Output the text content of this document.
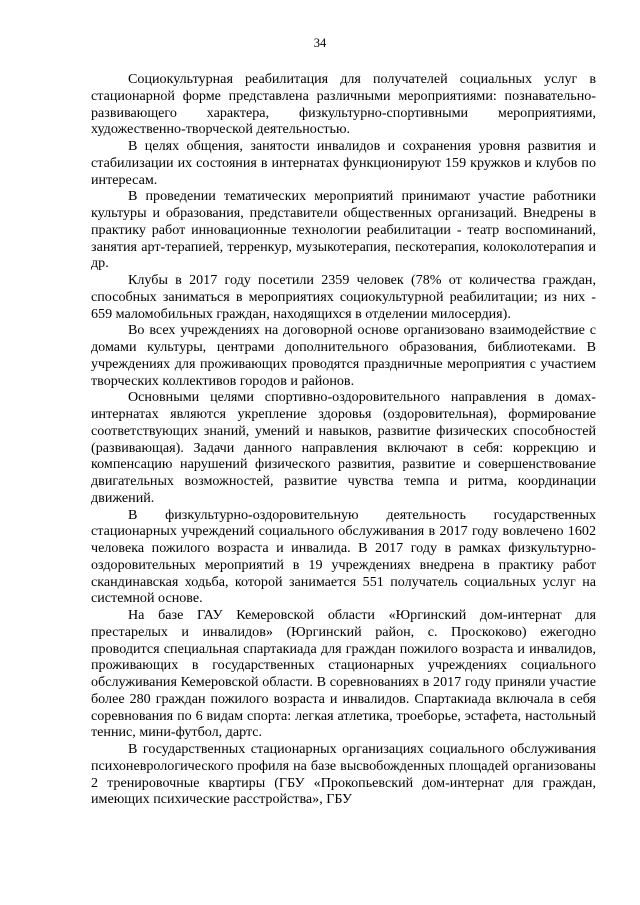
34

Социокультурная реабилитация для получателей социальных услуг в стационарной форме представлена различными мероприятиями: познавательно-развивающего характера, физкультурно-спортивными мероприятиями, художественно-творческой деятельностью.

В целях общения, занятости инвалидов и сохранения уровня развития и стабилизации их состояния в интернатах функционируют 159 кружков и клубов по интересам.

В проведении тематических мероприятий принимают участие работники культуры и образования, представители общественных организаций. Внедрены в практику работ инновационные технологии реабилитации - театр воспоминаний, занятия арт-терапией, терренкур, музыкотерапия, пескотерапия, колоколотерапия и др.

Клубы в 2017 году посетили 2359 человек (78% от количества граждан, способных заниматься в мероприятиях социокультурной реабилитации; из них - 659 маломобильных граждан, находящихся в отделении милосердия).

Во всех учреждениях на договорной основе организовано взаимодействие с домами культуры, центрами дополнительного образования, библиотеками. В учреждениях для проживающих проводятся праздничные мероприятия с участием творческих коллективов городов и районов.

Основными целями спортивно-оздоровительного направления в домах-интернатах являются укрепление здоровья (оздоровительная), формирование соответствующих знаний, умений и навыков, развитие физических способностей (развивающая). Задачи данного направления включают в себя: коррекцию и компенсацию нарушений физического развития, развитие и совершенствование двигательных возможностей, развитие чувства темпа и ритма, координации движений.

В физкультурно-оздоровительную деятельность государственных стационарных учреждений социального обслуживания в 2017 году вовлечено 1602 человека пожилого возраста и инвалида. В 2017 году в рамках физкультурно-оздоровительных мероприятий в 19 учреждениях внедрена в практику работ скандинавская ходьба, которой занимается 551 получатель социальных услуг на системной основе.

На базе ГАУ Кемеровской области «Юргинский дом-интернат для престарелых и инвалидов» (Юргинский район, с. Проскоково) ежегодно проводится специальная спартакиада для граждан пожилого возраста и инвалидов, проживающих в государственных стационарных учреждениях социального обслуживания Кемеровской области. В соревнованиях в 2017 году приняли участие более 280 граждан пожилого возраста и инвалидов. Спартакиада включала в себя соревнования по 6 видам спорта: легкая атлетика, троеборье, эстафета, настольный теннис, мини-футбол, дартс.

В государственных стационарных организациях социального обслуживания психоневрологического профиля на базе высвобожденных площадей организованы 2 тренировочные квартиры (ГБУ «Прокопьевский дом-интернат для граждан, имеющих психические расстройства», ГБУ
